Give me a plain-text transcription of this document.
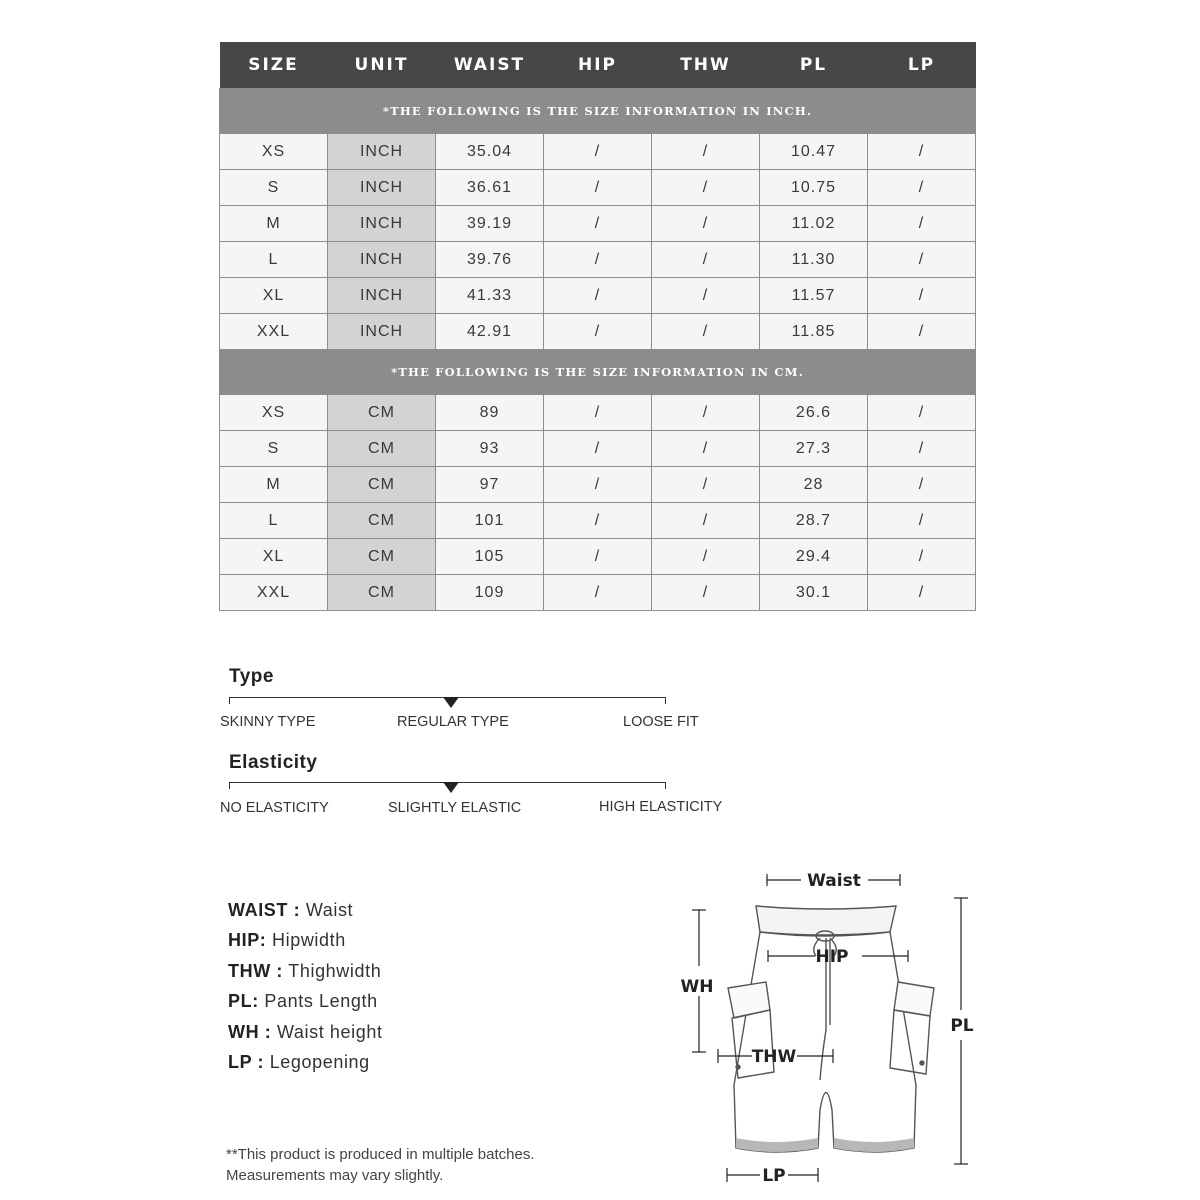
SIZE	UNIT	WAIST	HIP	THW	PL	LP
*THE FOLLOWING IS THE SIZE INFORMATION IN INCH.						
XS	INCH	35.04	/	/	10.47	/
S	INCH	36.61	/	/	10.75	/
M	INCH	39.19	/	/	11.02	/
L	INCH	39.76	/	/	11.30	/
XL	INCH	41.33	/	/	11.57	/
XXL	INCH	42.91	/	/	11.85	/
*THE FOLLOWING IS THE SIZE INFORMATION IN CM.						
XS	CM	89	/	/	26.6	/
S	CM	93	/	/	27.3	/
M	CM	97	/	/	28	/
L	CM	101	/	/	28.7	/
XL	CM	105	/	/	29.4	/
XXL	CM	109	/	/	30.1	/
Type
SKINNY TYPE	REGULAR TYPE	LOOSE FIT
Elasticity
NO ELASTICITY	SLIGHTLY ELASTIC	HIGH ELASTICITY
WAIST : Waist
HIP: Hipwidth
THW : Thighwidth
PL: Pants Length
WH : Waist height
LP : Legopening
**This product is produced in multiple batches.
Measurements may vary slightly.
Waist
HIP
WH
THW
PL
LP
